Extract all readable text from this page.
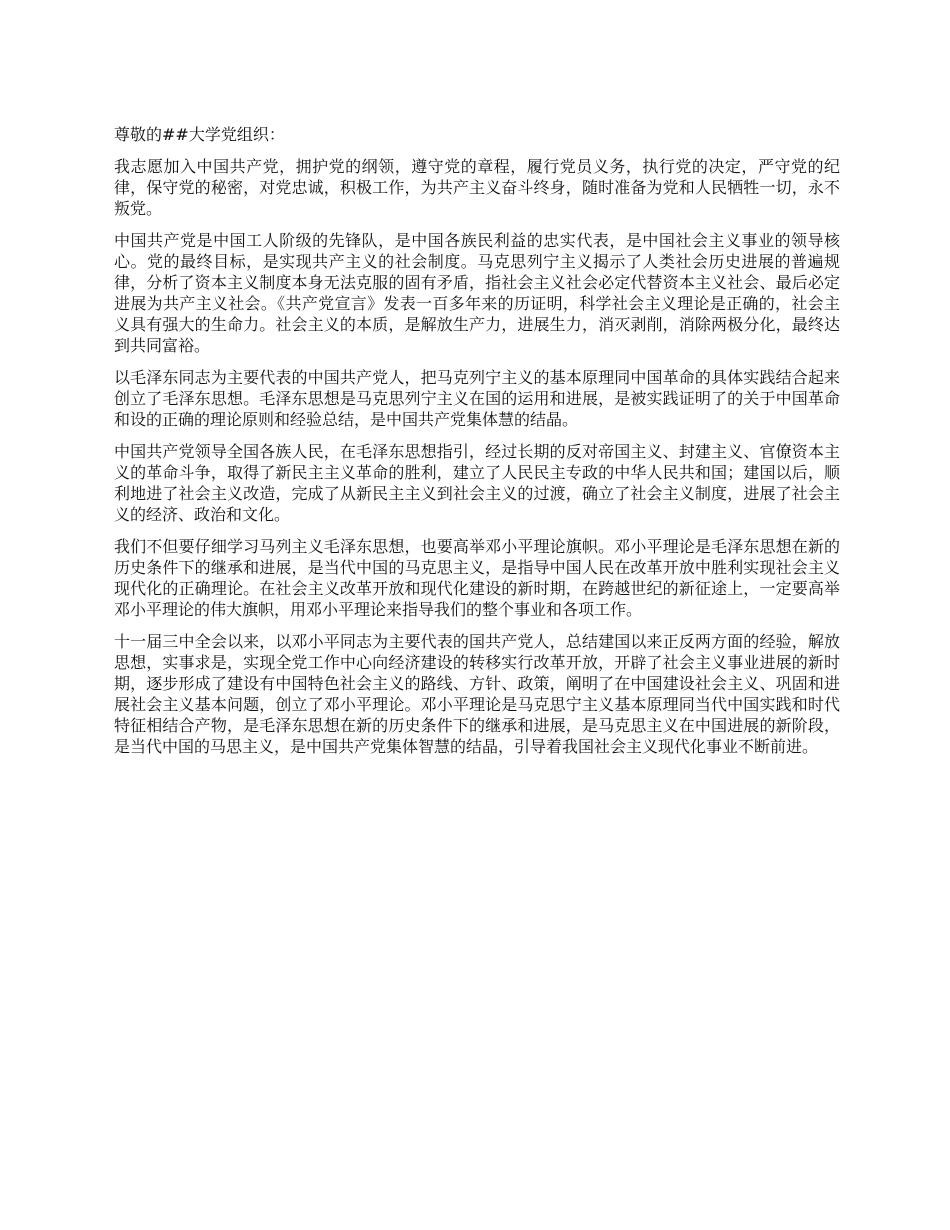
尊敬的##大学党组织：

我志愿加入中国共产党，拥护党的纲领，遵守党的章程，履行党员义务，执行党的决定，严守党的纪律，保守党的秘密，对党忠诚，积极工作，为共产主义奋斗终身，随时准备为党和人民牺牲一切，永不叛党。

中国共产党是中国工人阶级的先锋队，是中国各族民利益的忠实代表，是中国社会主义事业的领导核心。党的最终目标，是实现共产主义的社会制度。马克思列宁主义揭示了人类社会历史进展的普遍规律，分析了资本主义制度本身无法克服的固有矛盾，指社会主义社会必定代替资本主义社会、最后必定进展为共产主义社会。《共产党宣言》发表一百多年来的历证明，科学社会主义理论是正确的，社会主义具有强大的生命力。社会主义的本质，是解放生产力，进展生力，消灭剥削，消除两极分化，最终达到共同富裕。

以毛泽东同志为主要代表的中国共产党人，把马克列宁主义的基本原理同中国革命的具体实践结合起来创立了毛泽东思想。毛泽东思想是马克思列宁主义在国的运用和进展，是被实践证明了的关于中国革命和设的正确的理论原则和经验总结，是中国共产党集体慧的结晶。

中国共产党领导全国各族人民，在毛泽东思想指引，经过长期的反对帝国主义、封建主义、官僚资本主义的革命斗争，取得了新民主主义革命的胜利，建立了人民民主专政的中华人民共和国；建国以后，顺利地进了社会主义改造，完成了从新民主主义到社会主义的过渡，确立了社会主义制度，进展了社会主义的经济、政治和文化。

我们不但要仔细学习马列主义毛泽东思想，也要高举邓小平理论旗帜。邓小平理论是毛泽东思想在新的历史条件下的继承和进展，是当代中国的马克思主义，是指导中国人民在改革开放中胜利实现社会主义现代化的正确理论。在社会主义改革开放和现代化建设的新时期，在跨越世纪的新征途上，一定要高举邓小平理论的伟大旗帜，用邓小平理论来指导我们的整个事业和各项工作。

十一届三中全会以来，以邓小平同志为主要代表的国共产党人，总结建国以来正反两方面的经验，解放思想，实事求是，实现全党工作中心向经济建设的转移实行改革开放，开辟了社会主义事业进展的新时期，逐步形成了建设有中国特色社会主义的路线、方针、政策，阐明了在中国建设社会主义、巩固和进展社会主义基本问题，创立了邓小平理论。邓小平理论是马克思宁主义基本原理同当代中国实践和时代特征相结合产物，是毛泽东思想在新的历史条件下的继承和进展，是马克思主义在中国进展的新阶段，是当代中国的马思主义，是中国共产党集体智慧的结晶，引导着我国社会主义现代化事业不断前进。
